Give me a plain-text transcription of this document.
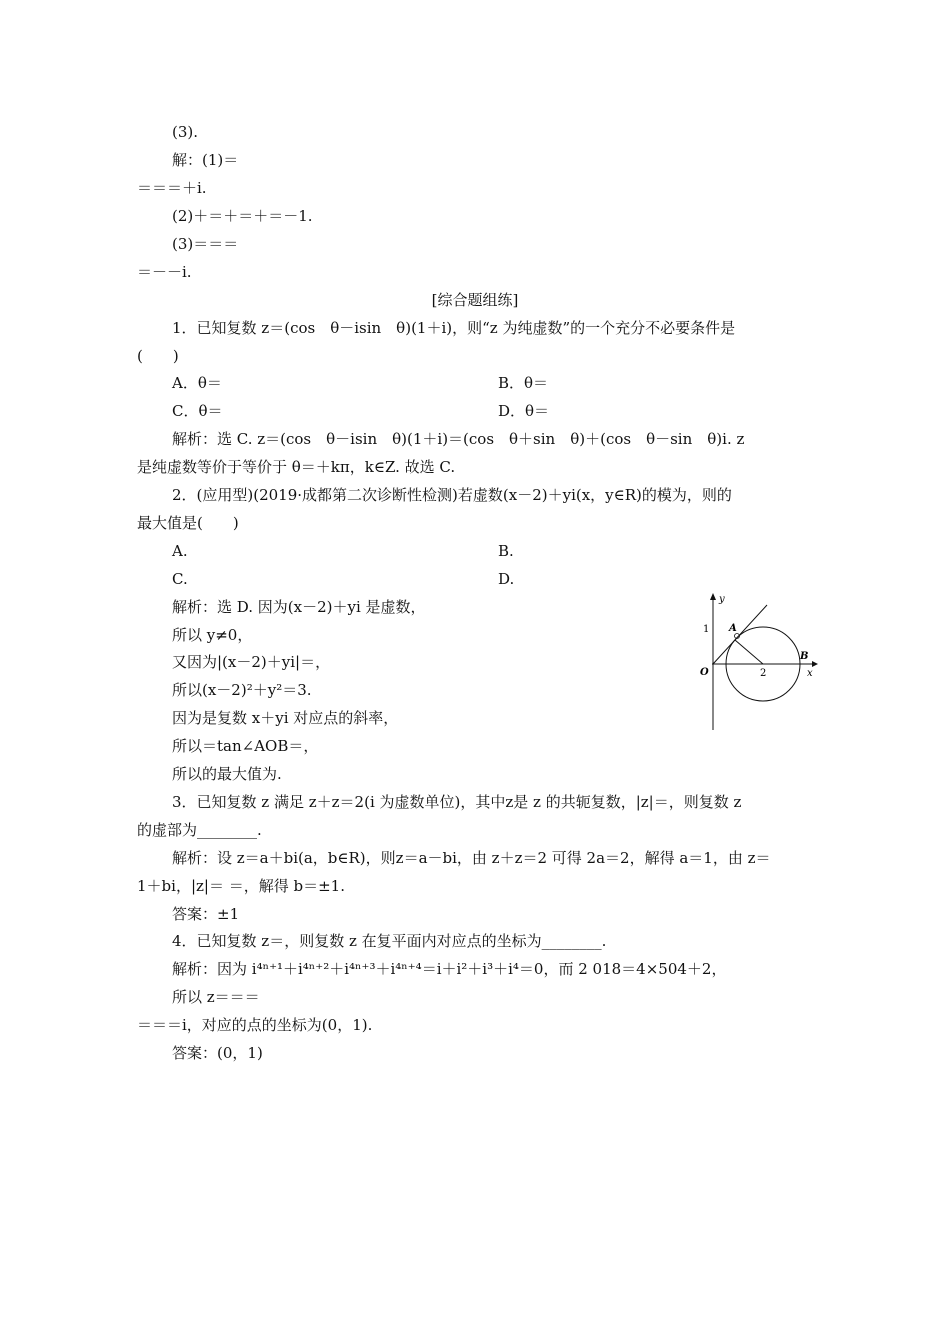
(3).
解：(1)＝
＝＝＝＋i.
(2)＋＝＋＝＋＝－1.
(3)＝＝＝
＝－－i.
[综合题组练]
1．已知复数 z＝(cos　θ－isin　θ)(1＋i)，则“z 为纯虚数”的一个充分不必要条件是
(　　)
A．θ＝	B．θ＝
C．θ＝	D．θ＝
解析：选 C. z＝(cos　θ－isin　θ)(1＋i)＝(cos　θ＋sin　θ)＋(cos　θ－sin　θ)i. z
是纯虚数等价于等价于 θ＝＋kπ，k∈Z. 故选 C.
2．(应用型)(2019·成都第二次诊断性检测)若虚数(x－2)＋yi(x，y∈R)的模为，则的
最大值是(　　)
A.	B.
C.	D.
解析：选 D. 因为(x－2)＋yi 是虚数，
所以 y≠0，
又因为|(x－2)＋yi|＝，
所以(x－2)²＋y²＝3.
因为是复数 x＋yi 对应点的斜率，
所以＝tan∠AOB＝，
所以的最大值为.
y
x
O
1
2
A
B
3．已知复数 z 满足 z＋z＝2(i 为虚数单位)，其中z是 z 的共轭复数，|z|＝，则复数 z
的虚部为________.
解析：设 z＝a＋bi(a，b∈R)，则z＝a－bi，由 z＋z＝2 可得 2a＝2，解得 a＝1，由 z＝
1＋bi，|z|＝ ＝，解得 b＝±1.
答案：±1
4．已知复数 z＝，则复数 z 在复平面内对应点的坐标为________.
解析：因为 i⁴ⁿ⁺¹＋i⁴ⁿ⁺²＋i⁴ⁿ⁺³＋i⁴ⁿ⁺⁴＝i＋i²＋i³＋i⁴＝0，而 2 018＝4×504＋2，
所以 z＝＝＝
＝＝＝i，对应的点的坐标为(0，1).
答案：(0，1)
